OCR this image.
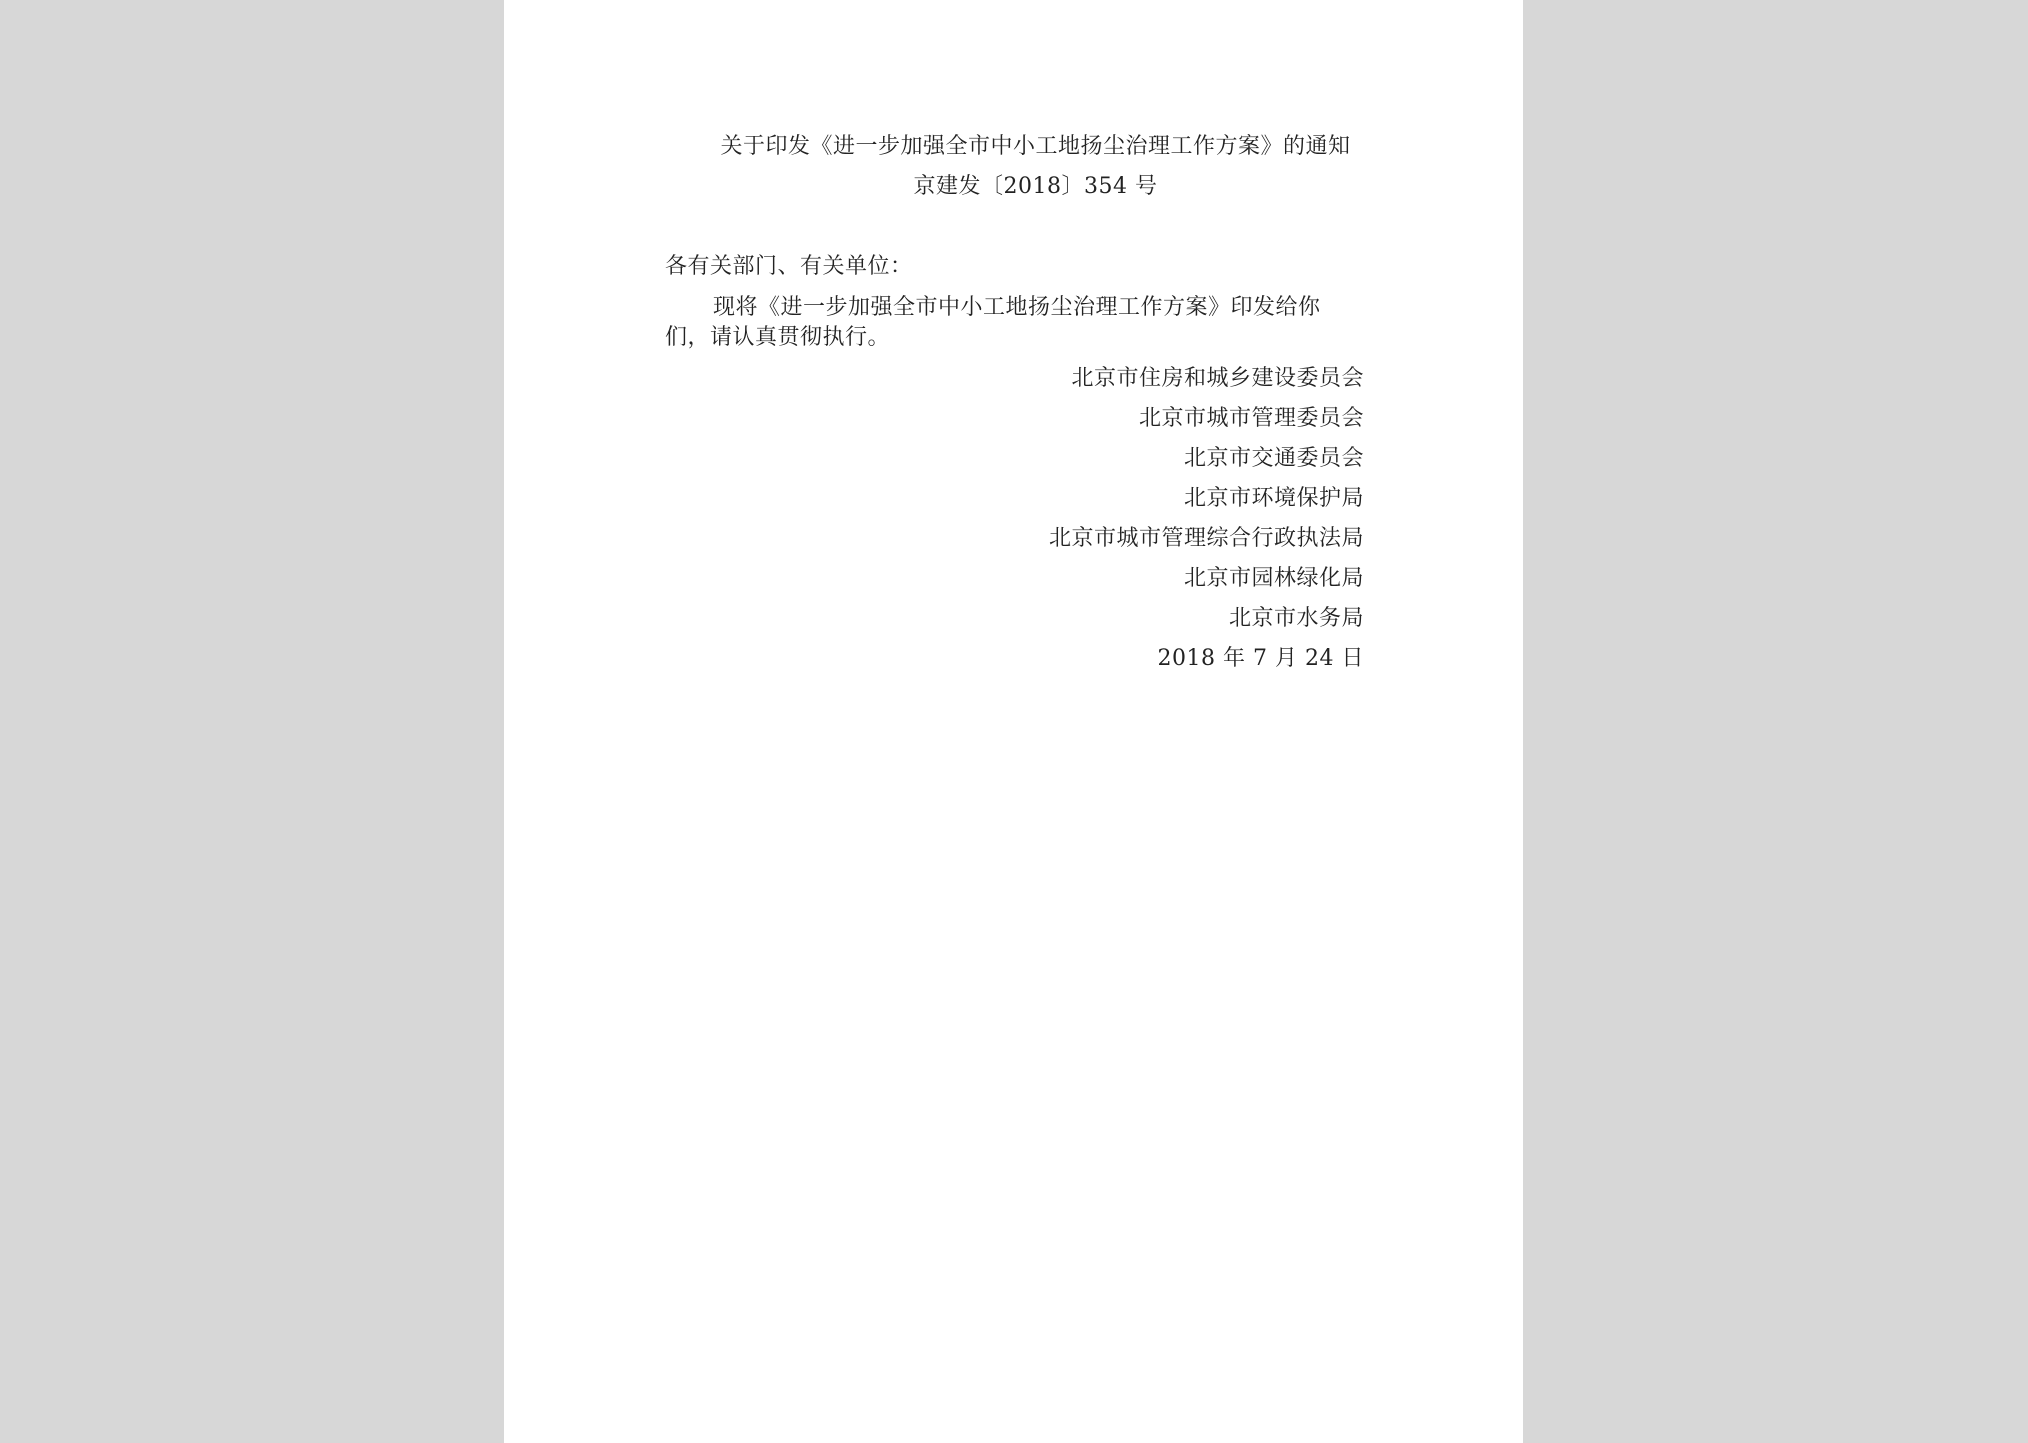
关于印发《进一步加强全市中小工地扬尘治理工作方案》的通知
京建发〔2018〕354 号
各有关部门、有关单位：
现将《进一步加强全市中小工地扬尘治理工作方案》印发给你
们，请认真贯彻执行。
北京市住房和城乡建设委员会
北京市城市管理委员会
北京市交通委员会
北京市环境保护局
北京市城市管理综合行政执法局
北京市园林绿化局
北京市水务局
2018 年 7 月 24 日
